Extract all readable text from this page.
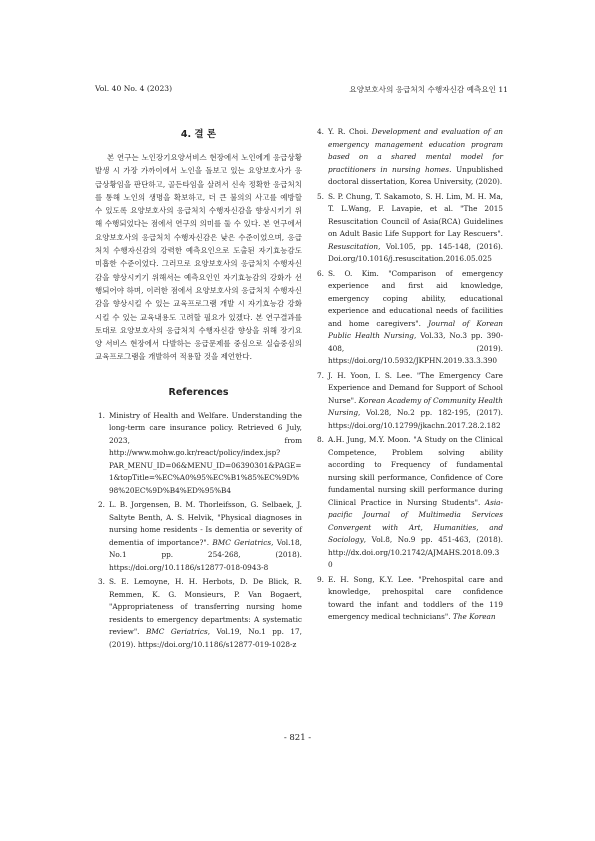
Vol. 40 No. 4 (2023)	요양보호사의 응급처치 수행자신감 예측요인 11
4. 결 론

본 연구는 노인장기요양서비스 현장에서 노인에게 응급상황 발생 시 가장 가까이에서 노인을 돌보고 있는 요양보호사가 응급상황임을 판단하고, 골든타임을 살려서 신속 정확한 응급처치를 통해 노인의 생명을 확보하고, 더 큰 불의의 사고를 예방할 수 있도록 요양보호사의 응급처치 수행자신감을 향상시키기 위해 수행되었다는 점에서 연구의 의미를 둘 수 있다. 본 연구에서 요양보호사의 응급처치 수행자신감은 낮은 수준이었으며, 응급처치 수행자신감의 강력한 예측요인으로 도출된 자기효능감도 미흡한 수준이었다. 그러므로 요양보호사의 응급처치 수행자신감을 향상시키기 위해서는 예측요인인 자기효능감의 강화가 선행되어야 하며, 이러한 점에서 요양보호사의 응급처치 수행자신감을 향상시킬 수 있는 교육프로그램 개발 시 자기효능감 강화시킬 수 있는 교육내용도 고려할 필요가 있겠다. 본 연구결과를 토대로 요양보호사의 응급처치 수행자신감 향상을 위해 장기요양 서비스 현장에서 다발하는 응급문제를 중심으로 실습중심의 교육프로그램을 개발하여 적용할 것을 제언한다.

References
1. Ministry of Health and Welfare. Understanding the long-term care insurance policy. Retrieved 6 July, 2023, from http://www.mohw.go.kr/react/policy/index.jsp?PAR_MENU_ID=06&MENU_ID=06390301&PAGE=1&topTitle=%EC%A0%95%EC%B1%85%EC%9D%98%20EC%9D%B4%ED%95%B4
2. L. B. Jorgensen, B. M. Thorleifsson, G. Selbaek, J. Saltyte Benth, A. S. Helvik, "Physical diagnoses in nursing home residents - Is dementia or severity of dementia of importance?". BMC Geriatrics, Vol.18, No.1 pp. 254-268, (2018). https://doi.org/10.1186/s12877-018-0943-8
3. S. E. Lemoyne, H. H. Herbots, D. De Blick, R. Remmen, K. G. Monsieurs, P. Van Bogaert, "Appropriateness of transferring nursing home residents to emergency departments: A systematic review". BMC Geriatrics, Vol.19, No.1 pp. 17, (2019). https://doi.org/10.1186/s12877-019-1028-z
4. Y. R. Choi. Development and evaluation of an emergency management education program based on a shared mental model for practitioners in nursing homes. Unpublished doctoral dissertation, Korea University, (2020).
5. S. P. Chung, T. Sakamoto, S. H. Lim, M. H. Ma, T. L.Wang, F. Lavapie, et al. "The 2015 Resuscitation Council of Asia(RCA) Guidelines on Adult Basic Life Support for Lay Rescuers". Resuscitation, Vol.105, pp. 145-148, (2016). Doi.org/10.1016/j.resuscitation.2016.05.025
6. S. O. Kim. "Comparison of emergency experience and first aid knowledge, emergency coping ability, educational experience and educational needs of facilities and home caregivers". Journal of Korean Public Health Nursing, Vol.33, No.3 pp. 390-408, (2019). https://doi.org/10.5932/JKPHN.2019.33.3.390
7. J. H. Yoon, I. S. Lee. "The Emergency Care Experience and Demand for Support of School Nurse". Korean Academy of Community Health Nursing, Vol.28, No.2 pp. 182-195, (2017). https://doi.org/10.12799/jkachn.2017.28.2.182
8. A.H. Jung, M.Y. Moon. "A Study on the Clinical Competence, Problem solving ability according to Frequency of fundamental nursing skill performance, Confidence of Core fundamental nursing skill performance during Clinical Practice in Nursing Students". Asia-pacific Journal of Multimedia Services Convergent with Art, Humanities, and Sociology, Vol.8, No.9 pp. 451-463, (2018). http://dx.doi.org/10.21742/AJMAHS.2018.09.30
9. E. H. Song, K.Y. Lee. "Prehospital care and knowledge, prehospital care confidence toward the infant and toddlers of the 119 emergency medical technicians". The Korean
- 821 -
